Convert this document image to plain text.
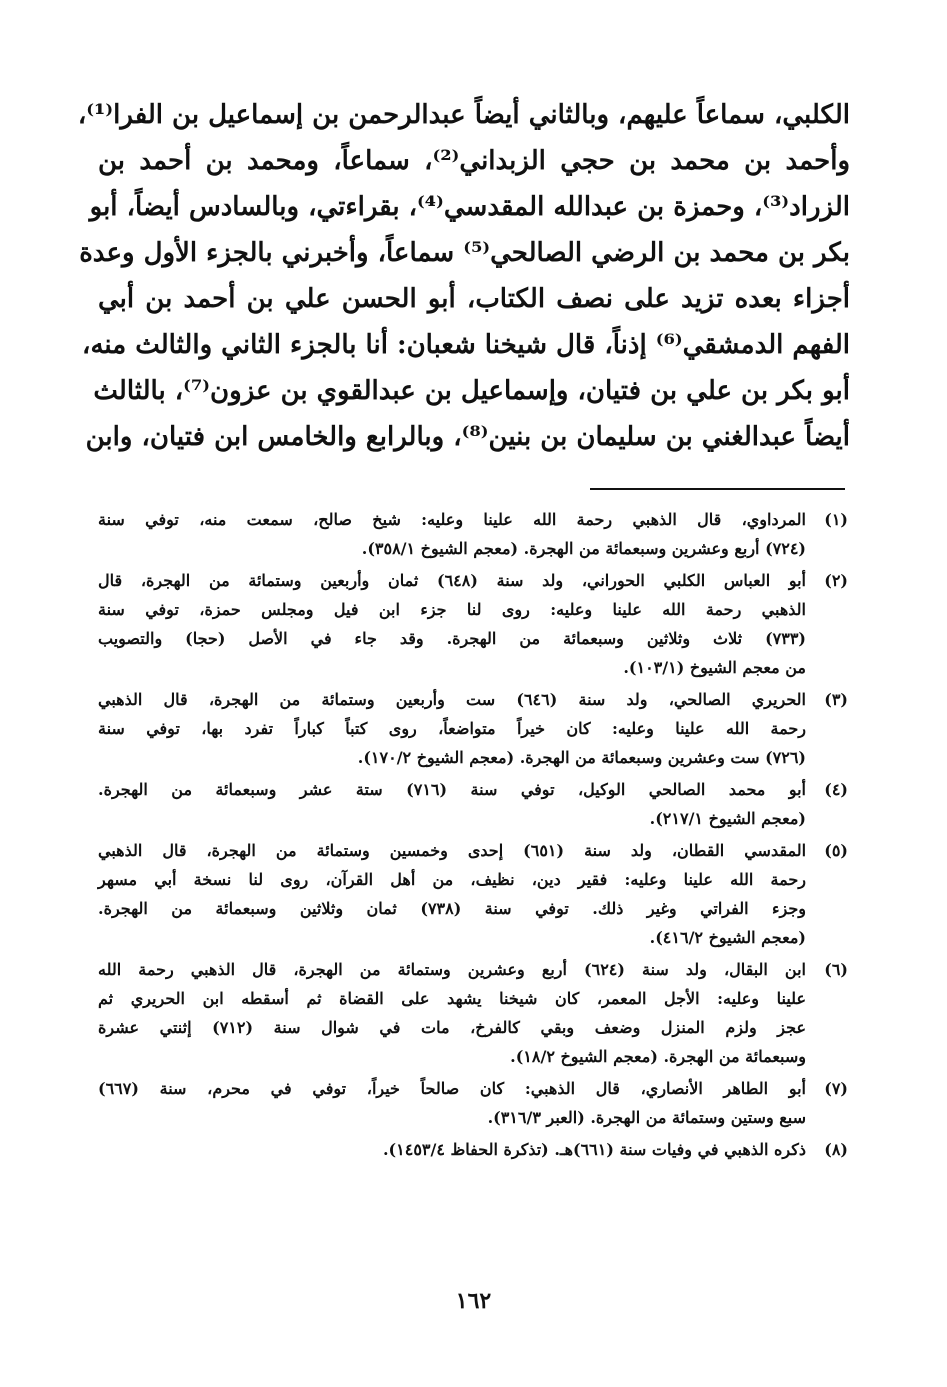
الكلبي، سماعاً عليهم، وبالثاني أيضاً عبدالرحمن بن إسماعيل بن الفرا⁽¹⁾،
وأحمد بن محمد بن حجي الزبداني⁽²⁾، سماعاً، ومحمد بن أحمد بن
الزراد⁽³⁾، وحمزة بن عبدالله المقدسي⁽⁴⁾، بقراءتي، وبالسادس أيضاً، أبو
بكر بن محمد بن الرضي الصالحي⁽⁵⁾ سماعاً، وأخبرني بالجزء الأول وعدة
أجزاء بعده تزيد على نصف الكتاب، أبو الحسن علي بن أحمد بن أبي
الفهم الدمشقي⁽⁶⁾ إذناً، قال شيخنا شعبان: أنا بالجزء الثاني والثالث منه،
أبو بكر بن علي بن فتيان، وإسماعيل بن عبدالقوي بن عزون⁽⁷⁾، بالثالث
أيضاً عبدالغني بن سليمان بن بنين⁽⁸⁾، وبالرابع والخامس ابن فتيان، وابن
(١)
المرداوي، قال الذهبي رحمة الله علينا وعليه: شيخ صالح، سمعت منه، توفي سنة
(٧٢٤) أربع وعشرين وسبعمائة من الهجرة. (معجم الشيوخ ٣٥٨/١).
(٢)
أبو العباس الكلبي الحوراني، ولد سنة (٦٤٨) ثمان وأربعين وستمائة من الهجرة، قال
الذهبي رحمة الله علينا وعليه: روى لنا جزء ابن فيل ومجلس حمزة، توفي سنة
(٧٣٣) ثلاث وثلاثين وسبعمائة من الهجرة. وقد جاء في الأصل (حجا) والتصويب
من معجم الشيوخ (١٠٣/١).
(٣)
الحريري الصالحي، ولد سنة (٦٤٦) ست وأربعين وستمائة من الهجرة، قال الذهبي
رحمة الله علينا وعليه: كان خيراً متواضعاً، روى كتباً كباراً تفرد بها، توفي سنة
(٧٢٦) ست وعشرين وسبعمائة من الهجرة. (معجم الشيوخ ١٧٠/٢).
(٤)
أبو محمد الصالحي الوكيل، توفي سنة (٧١٦) ستة عشر وسبعمائة من الهجرة.
(معجم الشيوخ ٢١٧/١).
(٥)
المقدسي القطان، ولد سنة (٦٥١) إحدى وخمسين وستمائة من الهجرة، قال الذهبي
رحمة الله علينا وعليه: فقير دين، نظيف، من أهل القرآن، روى لنا نسخة أبي مسهر
وجزء الفراتي وغير ذلك. توفي سنة (٧٣٨) ثمان وثلاثين وسبعمائة من الهجرة.
(معجم الشيوخ ٤١٦/٢).
(٦)
ابن البقال، ولد سنة (٦٢٤) أربع وعشرين وستمائة من الهجرة، قال الذهبي رحمة الله
علينا وعليه: الأجل المعمر، كان شيخنا يشهد على القضاة ثم أسقطه ابن الحريري ثم
عجز ولزم المنزل وضعف وبقي كالفرخ، مات في شوال سنة (٧١٢) إثنتي عشرة
وسبعمائة من الهجرة. (معجم الشيوخ ١٨/٢).
(٧)
أبو الطاهر الأنصاري، قال الذهبي: كان صالحاً خيراً، توفي في محرم، سنة (٦٦٧)
سبع وستين وستمائة من الهجرة. (العبر ٣١٦/٣).
(٨)
ذكره الذهبي في وفيات سنة (٦٦١)هـ. (تذكرة الحفاظ ١٤٥٣/٤).
١٦٢
